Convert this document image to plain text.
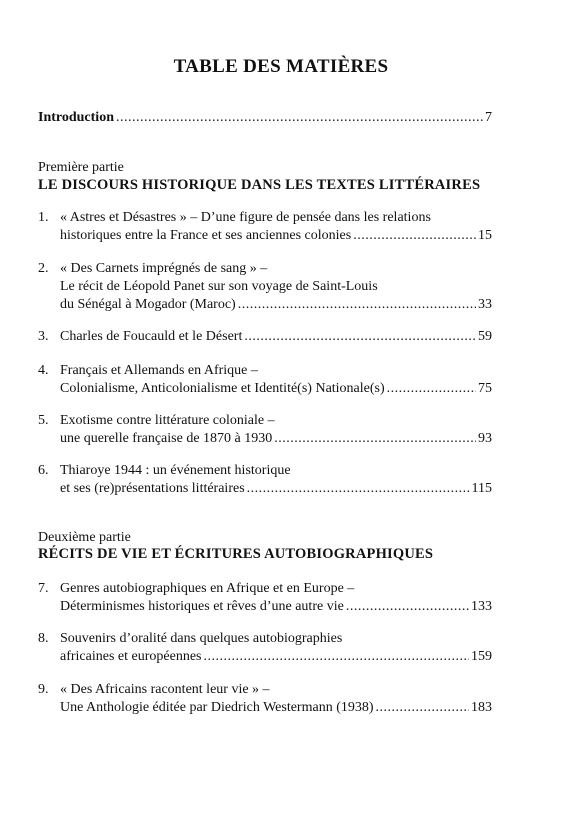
TABLE DES MATIÈRES
Introduction .....	7
Première partie
LE DISCOURS HISTORIQUE DANS LES TEXTES LITTÉRAIRES
1. « Astres et Désastres » – D’une figure de pensée dans les relations
historiques entre la France et ses anciennes colonies .....	15
2. « Des Carnets imprégnés de sang » –
Le récit de Léopold Panet sur son voyage de Saint-Louis
du Sénégal à Mogador (Maroc) .....	33
3. Charles de Foucauld et le Désert .....	59
4. Français et Allemands en Afrique –
Colonialisme, Anticolonialisme et Identité(s) Nationale(s) .....	75
5. Exotisme contre littérature coloniale –
une querelle française de 1870 à 1930 .....	93
6. Thiaroye 1944 : un événement historique
et ses (re)présentations littéraires .....	115
Deuxième partie
RÉCITS DE VIE ET ÉCRITURES AUTOBIOGRAPHIQUES
7. Genres autobiographiques en Afrique et en Europe –
Déterminismes historiques et rêves d’une autre vie .....	133
8. Souvenirs d’oralité dans quelques autobiographies
africaines et européennes .....	159
9. « Des Africains racontent leur vie » –
Une Anthologie éditée par Diedrich Westermann (1938) .....	183
